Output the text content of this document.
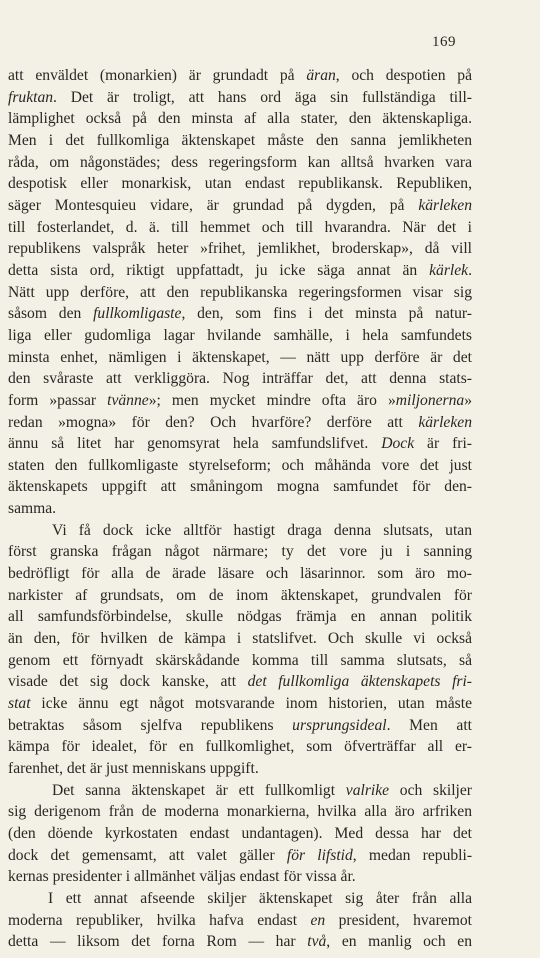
169
att enväldet (monarkien) är grundadt på äran, och despotien på
fruktan. Det är troligt, att hans ord äga sin fullständiga till-
lämplighet också på den minsta af alla stater, den äktenskapliga.
Men i det fullkomliga äktenskapet måste den sanna jemlikheten
råda, om någonstädes; dess regeringsform kan alltså hvarken vara
despotisk eller monarkisk, utan endast republikansk. Republiken,
säger Montesquieu vidare, är grundad på dygden, på kärleken
till fosterlandet, d. ä. till hemmet och till hvarandra. När det i
republikens valspråk heter »frihet, jemlikhet, broderskap», då vill
detta sista ord, riktigt uppfattadt, ju icke säga annat än kärlek.
Nätt upp derföre, att den republikanska regeringsformen visar sig
såsom den fullkomligaste, den, som fins i det minsta på natur-
liga eller gudomliga lagar hvilande samhälle, i hela samfundets
minsta enhet, nämligen i äktenskapet, — nätt upp derföre är det
den svåraste att verkliggöra. Nog inträffar det, att denna stats-
form »passar tvänne»; men mycket mindre ofta äro »miljonerna»
redan »mogna» för den? Och hvarföre? derföre att kärleken
ännu så litet har genomsyrat hela samfundslifvet. Dock är fri-
staten den fullkomligaste styrelseform; och måhända vore det just
äktenskapets uppgift att småningom mogna samfundet för den-
samma.
Vi få dock icke alltför hastigt draga denna slutsats, utan
först granska frågan något närmare; ty det vore ju i sanning
bedröfligt för alla de ärade läsare och läsarinnor. som äro mo-
narkister af grundsats, om de inom äktenskapet, grundvalen för
all samfundsförbindelse, skulle nödgas främja en annan politik
än den, för hvilken de kämpa i statslifvet. Och skulle vi också
genom ett förnyadt skärskådande komma till samma slutsats, så
visade det sig dock kanske, att det fullkomliga äktenskapets fri-
stat icke ännu egt något motsvarande inom historien, utan måste
betraktas såsom sjelfva republikens ursprungsideal. Men att
kämpa för idealet, för en fullkomlighet, som öfverträffar all er-
farenhet, det är just menniskans uppgift.
Det sanna äktenskapet är ett fullkomligt valrike och skiljer
sig derigenom från de moderna monarkierna, hvilka alla äro arfriken
(den döende kyrkostaten endast undantagen). Med dessa har det
dock det gemensamt, att valet gäller för lifstid, medan republi-
kernas presidenter i allmänhet väljas endast för vissa år.
I ett annat afseende skiljer äktenskapet sig åter från alla
moderna republiker, hvilka hafva endast en president, hvaremot
detta — liksom det forna Rom — har två, en manlig och en
